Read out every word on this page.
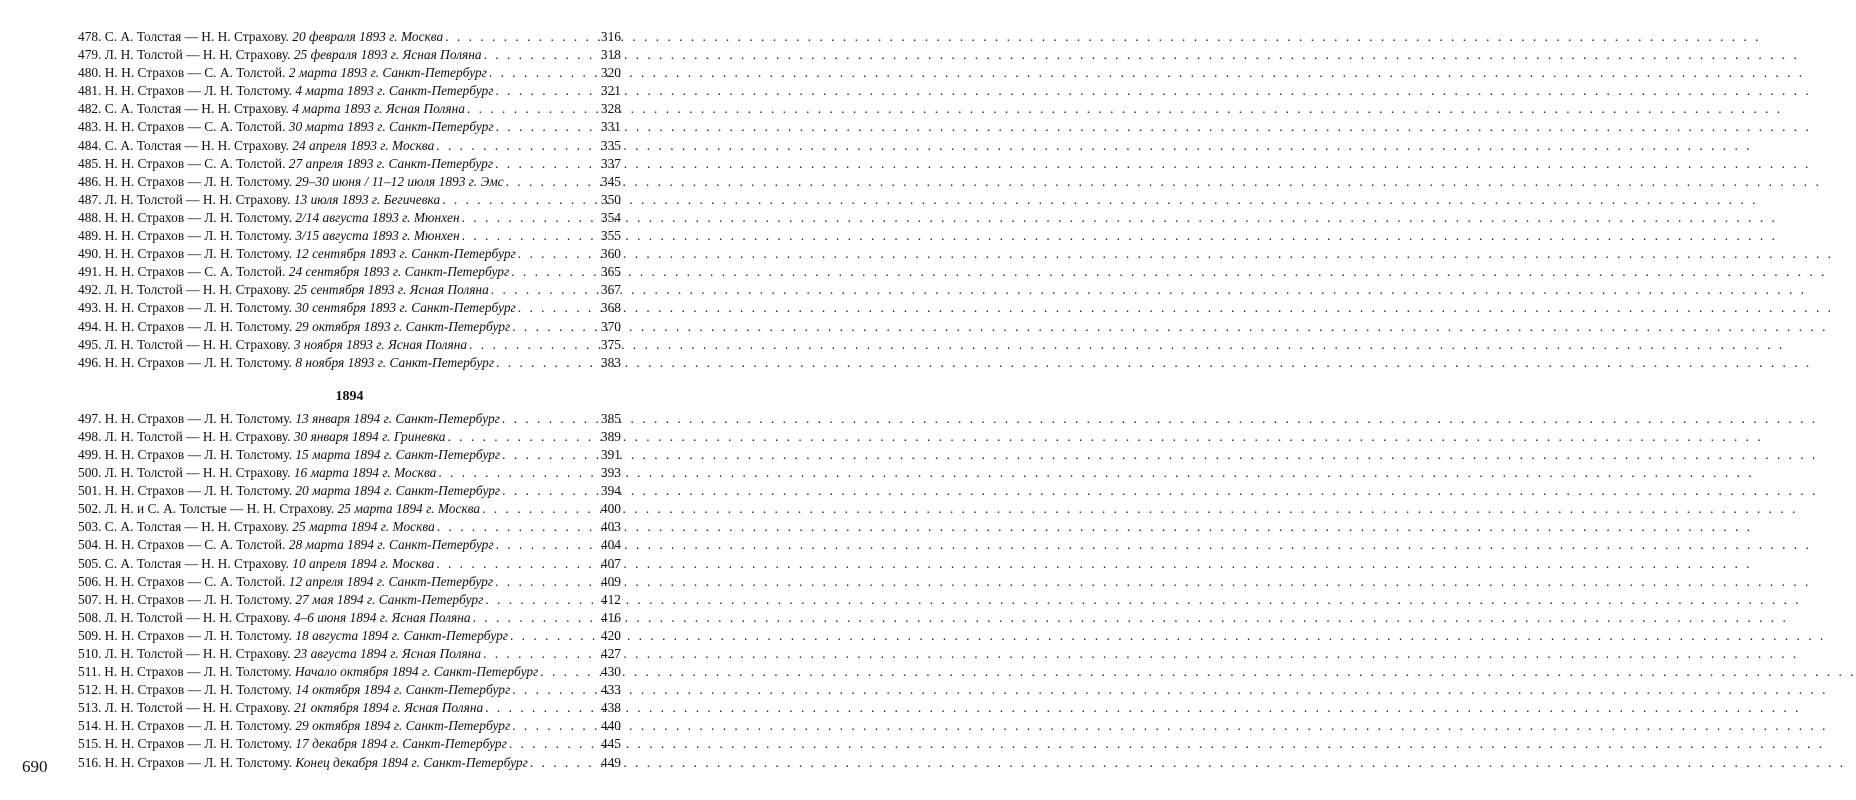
478. С. А. Толстая — Н. Н. Страхову. 20 февраля 1893 г. Москва . . .	316
479. Л. Н. Толстой — Н. Н. Страхову. 25 февраля 1893 г. Ясная Поляна . . .	318
480. Н. Н. Страхов — С. А. Толстой. 2 марта 1893 г. Санкт-Петербург . . .	320
481. Н. Н. Страхов — Л. Н. Толстому. 4 марта 1893 г. Санкт-Петербург . . .	321
482. С. А. Толстая — Н. Н. Страхову. 4 марта 1893 г. Ясная Поляна . . .	328
483. Н. Н. Страхов — С. А. Толстой. 30 марта 1893 г. Санкт-Петербург . . .	331
484. С. А. Толстая — Н. Н. Страхову. 24 апреля 1893 г. Москва . . .	335
485. Н. Н. Страхов — С. А. Толстой. 27 апреля 1893 г. Санкт-Петербург . . .	337
486. Н. Н. Страхов — Л. Н. Толстому. 29–30 июня / 11–12 июля 1893 г. Эмс . . .	345
487. Л. Н. Толстой — Н. Н. Страхову. 13 июля 1893 г. Бегичевка . . .	350
488. Н. Н. Страхов — Л. Н. Толстому. 2/14 августа 1893 г. Мюнхен . . .	354
489. Н. Н. Страхов — Л. Н. Толстому. 3/15 августа 1893 г. Мюнхен . . .	355
490. Н. Н. Страхов — Л. Н. Толстому. 12 сентября 1893 г. Санкт-Петербург . . .	360
491. Н. Н. Страхов — С. А. Толстой. 24 сентября 1893 г. Санкт-Петербург . . .	365
492. Л. Н. Толстой — Н. Н. Страхову. 25 сентября 1893 г. Ясная Поляна . . .	367
493. Н. Н. Страхов — Л. Н. Толстому. 30 сентября 1893 г. Санкт-Петербург . . .	368
494. Н. Н. Страхов — Л. Н. Толстому. 29 октября 1893 г. Санкт-Петербург . . .	370
495. Л. Н. Толстой — Н. Н. Страхову. 3 ноября 1893 г. Ясная Поляна . . .	375
496. Н. Н. Страхов — Л. Н. Толстому. 8 ноября 1893 г. Санкт-Петербург . . .	383
1894
497. Н. Н. Страхов — Л. Н. Толстому. 13 января 1894 г. Санкт-Петербург . . .	385
498. Л. Н. Толстой — Н. Н. Страхову. 30 января 1894 г. Гриневка . . .	389
499. Н. Н. Страхов — Л. Н. Толстому. 15 марта 1894 г. Санкт-Петербург . . .	391
500. Л. Н. Толстой — Н. Н. Страхову. 16 марта 1894 г. Москва . . .	393
501. Н. Н. Страхов — Л. Н. Толстому. 20 марта 1894 г. Санкт-Петербург . . .	394
502. Л. Н. и С. А. Толстые — Н. Н. Страхову. 25 марта 1894 г. Москва . . .	400
503. С. А. Толстая — Н. Н. Страхову. 25 марта 1894 г. Москва . . .	403
504. Н. Н. Страхов — С. А. Толстой. 28 марта 1894 г. Санкт-Петербург . . .	404
505. С. А. Толстая — Н. Н. Страхову. 10 апреля 1894 г. Москва . . .	407
506. Н. Н. Страхов — С. А. Толстой. 12 апреля 1894 г. Санкт-Петербург . . .	409
507. Н. Н. Страхов — Л. Н. Толстому. 27 мая 1894 г. Санкт-Петербург . . .	412
508. Л. Н. Толстой — Н. Н. Страхову. 4–6 июня 1894 г. Ясная Поляна . . .	416
509. Н. Н. Страхов — Л. Н. Толстому. 18 августа 1894 г. Санкт-Петербург . . .	420
510. Л. Н. Толстой — Н. Н. Страхову. 23 августа 1894 г. Ясная Поляна . . .	427
511. Н. Н. Страхов — Л. Н. Толстому. Начало октября 1894 г. Санкт-Петербург . . .	430
512. Н. Н. Страхов — Л. Н. Толстому. 14 октября 1894 г. Санкт-Петербург . . .	433
513. Л. Н. Толстой — Н. Н. Страхову. 21 октября 1894 г. Ясная Поляна . . .	438
514. Н. Н. Страхов — Л. Н. Толстому. 29 октября 1894 г. Санкт-Петербург . . .	440
515. Н. Н. Страхов — Л. Н. Толстому. 17 декабря 1894 г. Санкт-Петербург . . .	445
516. Н. Н. Страхов — Л. Н. Толстому. Конец декабря 1894 г. Санкт-Петербург . . .	449
690
